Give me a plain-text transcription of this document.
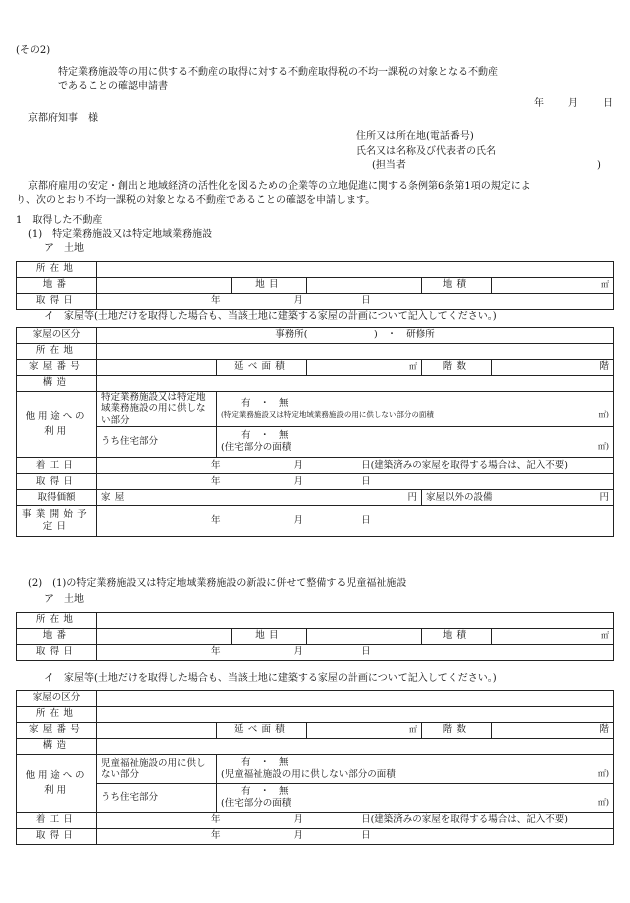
(その2)
特定業務施設等の用に供する不動産の取得に対する不動産取得税の不均一課税の対象となる不動産
であることの確認申請書
年 月	日
京都府知事　様
住所又は所在地(電話番号)
氏名又は名称及び代表者の氏名
(担当者	)
京都府雇用の安定・創出と地域経済の活性化を図るための企業等の立地促進に関する条例第6条第1項の規定によ
り、次のとおり不均一課税の対象となる不動産であることの確認を申請します。
1　取得した不動産
(1)　特定業務施設又は特定地域業務施設
ア　土地
所在地					
地番		地目		地積	㎡
取得日	年 月 日				
イ　家屋等(土地だけを取得した場合も、当該土地に建築する家屋の計画について記入してください。)
家屋の区分	事務所(　　　　　　　)　・　研修所				
所在地					
家屋番号		延べ面積	㎡	階数	階
構造					
他用途への利用	特定業務施設又は特定地域業務施設の用に供しない部分	有　・　無
(特定業務施設又は特定地域業務施設の用に供しない部分の面積 ㎡)			

	うち住宅部分	有　・　無
(住宅部分の面積 ㎡)			

着工日	年 月 日(建築済みの家屋を取得する場合は、記入不要)				
取得日	年 月 日				
取得価額	家屋 円			家屋以外の設備 円	

事業開始予定日	年 月 日				
(2)　(1)の特定業務施設又は特定地域業務施設の新設に併せて整備する児童福祉施設
ア　土地
所在地					
地番		地目		地積	㎡
取得日	年 月 日				
イ　家屋等(土地だけを取得した場合も、当該土地に建築する家屋の計画について記入してください。)
家屋の区分					
所在地					
家屋番号		延べ面積	㎡	階数	階
構造					
他用途への利用	児童福祉施設の用に供しない部分	有　・　無
(児童福祉施設の用に供しない部分の面積 ㎡)			

	うち住宅部分	有　・　無
(住宅部分の面積 ㎡)			

着工日	年 月 日(建築済みの家屋を取得する場合は、記入不要)				
取得日	年 月 日				
